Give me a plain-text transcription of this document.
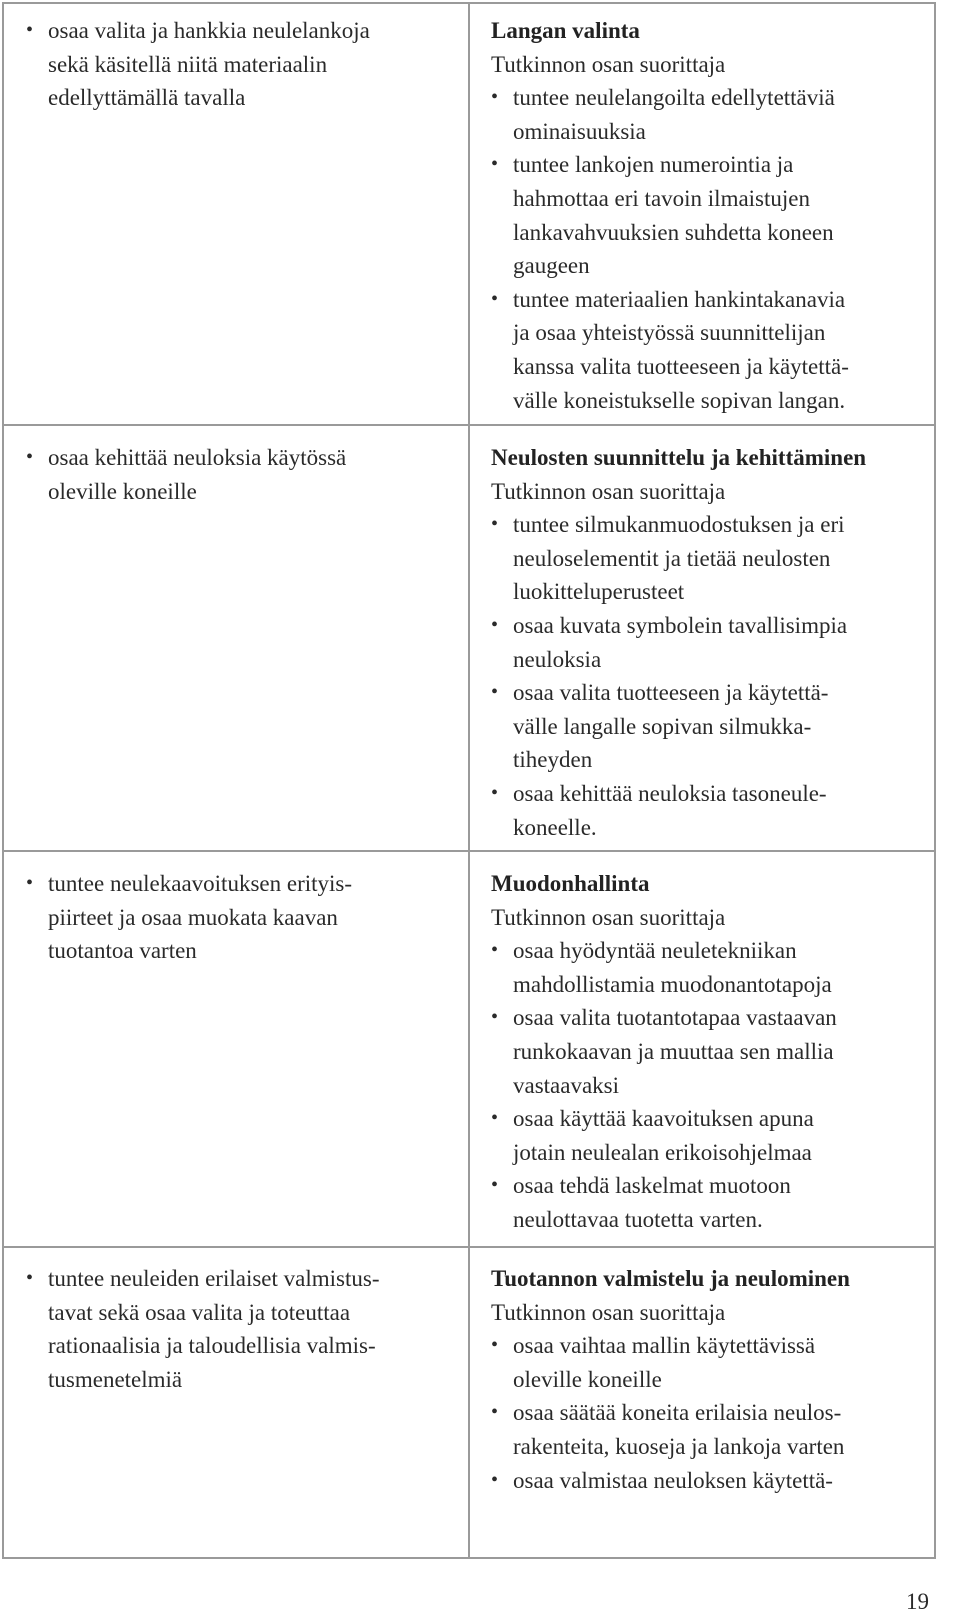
• osaa valita ja hankkia neulelankoja
sekä käsitellä niitä materiaalin
edellyttämällä tavalla
• osaa kehittää neuloksia käytössä
oleville koneille
• tuntee neulekaavoituksen erityis-
piirteet ja osaa muokata kaavan
tuotantoa varten
• tuntee neuleiden erilaiset valmistus-
tavat sekä osaa valita ja toteuttaa
rationaalisia ja taloudellisia valmis-
tusmenetelmiä
Langan valinta
Tutkinnon osan suorittaja
• tuntee neulelangoilta edellytettäviä
ominaisuuksia
• tuntee lankojen numerointia ja
hahmottaa eri tavoin ilmaistujen
lankavahvuuksien suhdetta koneen
gaugeen
• tuntee materiaalien hankintakanavia
ja osaa yhteistyössä suunnittelijan
kanssa valita tuotteeseen ja käytettä-
välle koneistukselle sopivan langan.
Neulosten suunnittelu ja kehittäminen
Tutkinnon osan suorittaja
• tuntee silmukanmuodostuksen ja eri
neuloselementit ja tietää neulosten
luokitteluperusteet
• osaa kuvata symbolein tavallisimpia
neuloksia
• osaa valita tuotteeseen ja käytettä-
välle langalle sopivan silmukka-
tiheyden
• osaa kehittää neuloksia tasoneule-
koneelle.
Muodonhallinta
Tutkinnon osan suorittaja
• osaa hyödyntää neuletekniikan
mahdollistamia muodonantotapoja
• osaa valita tuotantotapaa vastaavan
runkokaavan ja muuttaa sen mallia
vastaavaksi
• osaa käyttää kaavoituksen apuna
jotain neulealan erikoisohjelmaa
• osaa tehdä laskelmat muotoon
neulottavaa tuotetta varten.
Tuotannon valmistelu ja neulominen
Tutkinnon osan suorittaja
• osaa vaihtaa mallin käytettävissä
oleville koneille
• osaa säätää koneita erilaisia neulos-
rakenteita, kuoseja ja lankoja varten
• osaa valmistaa neuloksen käytettä-
19
